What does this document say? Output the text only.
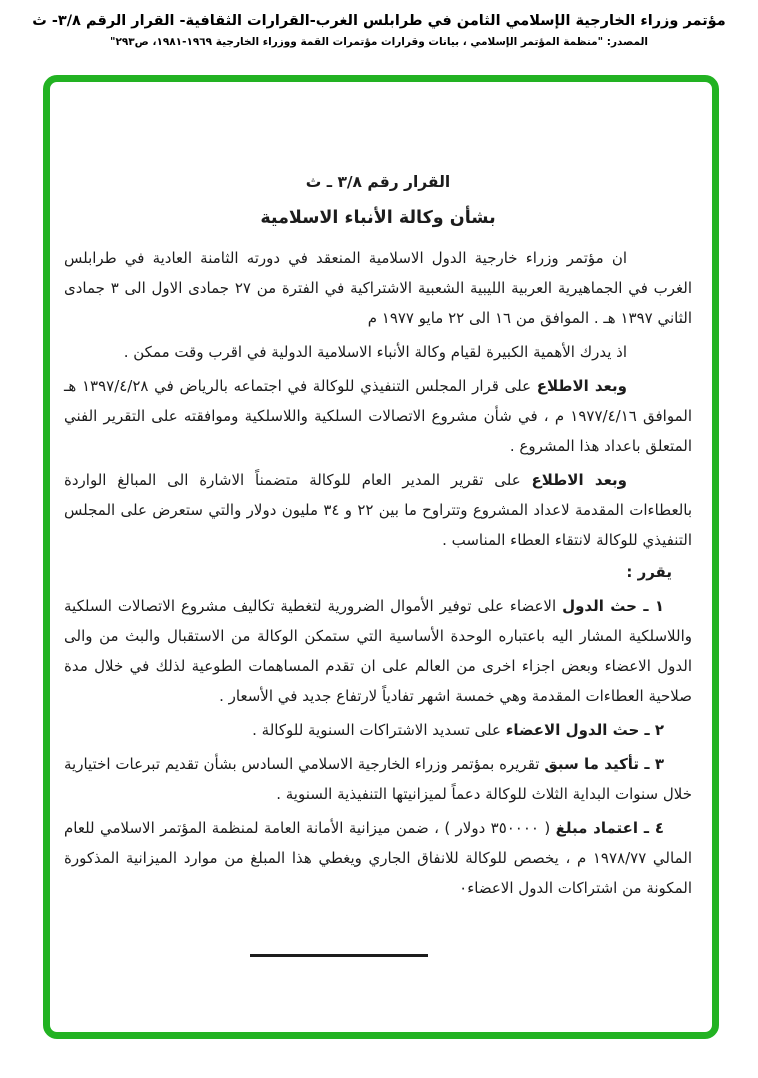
مؤتمر وزراء الخارجية الإسلامي الثامن في طرابلس الغرب-القرارات الثقافية- القرار الرقم ٣/٨- ث
المصدر: "منظمة المؤتمر الإسلامي ، بيانات وقرارات مؤتمرات القمة ووزراء الخارجية ١٩٦٩-١٩٨١، ص٢٩٣"
القرار رقم ٣/٨ ـ ث
بشأن وكالة الأنباء الاسلامية

ان مؤتمر وزراء خارجية الدول الاسلامية المنعقد في دورته الثامنة العادية في طرابلس الغرب في الجماهيرية العربية الليبية الشعبية الاشتراكية في الفترة من ٢٧ جمادى الاول الى ٣ جمادى الثاني ١٣٩٧ هـ . الموافق من ١٦ الى ٢٢ مايو ١٩٧٧ م

اذ يدرك الأهمية الكبيرة لقيام وكالة الأنباء الاسلامية الدولية في اقرب وقت ممكن .

وبعد الاطلاع على قرار المجلس التنفيذي للوكالة في اجتماعه بالرياض في ١٣٩٧/٤/٢٨ هـ الموافق ١٩٧٧/٤/١٦ م ، في شأن مشروع الاتصالات السلكية واللاسلكية وموافقته على التقرير الفني المتعلق باعداد هذا المشروع .

وبعد الاطلاع على تقرير المدير العام للوكالة متضمناً الاشارة الى المبالغ الواردة بالعطاءات المقدمة لاعداد المشروع وتتراوح ما بين ٢٢ و ٣٤ مليون دولار والتي ستعرض على المجلس التنفيذي للوكالة لانتقاء العطاء المناسب .

يقرر :

١ ـ حث الدول الاعضاء على توفير الأموال الضرورية لتغطية تكاليف مشروع الاتصالات السلكية واللاسلكية المشار اليه باعتباره الوحدة الأساسية التي ستمكن الوكالة من الاستقبال والبث من والى الدول الاعضاء وبعض اجزاء اخرى من العالم على ان تقدم المساهمات الطوعية لذلك في خلال مدة صلاحية العطاءات المقدمة وهي خمسة اشهر تفادياً لارتفاع جديد في الأسعار .

٢ ـ حث الدول الاعضاء على تسديد الاشتراكات السنوية للوكالة .

٣ ـ تأكيد ما سبق تقريره بمؤتمر وزراء الخارجية الاسلامي السادس بشأن تقديم تبرعات اختيارية خلال سنوات البداية الثلاث للوكالة دعماً لميزانيتها التنفيذية السنوية .

٤ ـ اعتماد مبلغ ( ٣٥٠٠٠٠ دولار ) ، ضمن ميزانية الأمانة العامة لمنظمة المؤتمر الاسلامي للعام المالي ١٩٧٨/٧٧ م ، يخصص للوكالة للانفاق الجاري ويغطي هذا المبلغ من موارد الميزانية المذكورة المكونة من اشتراكات الدول الاعضاء٠
